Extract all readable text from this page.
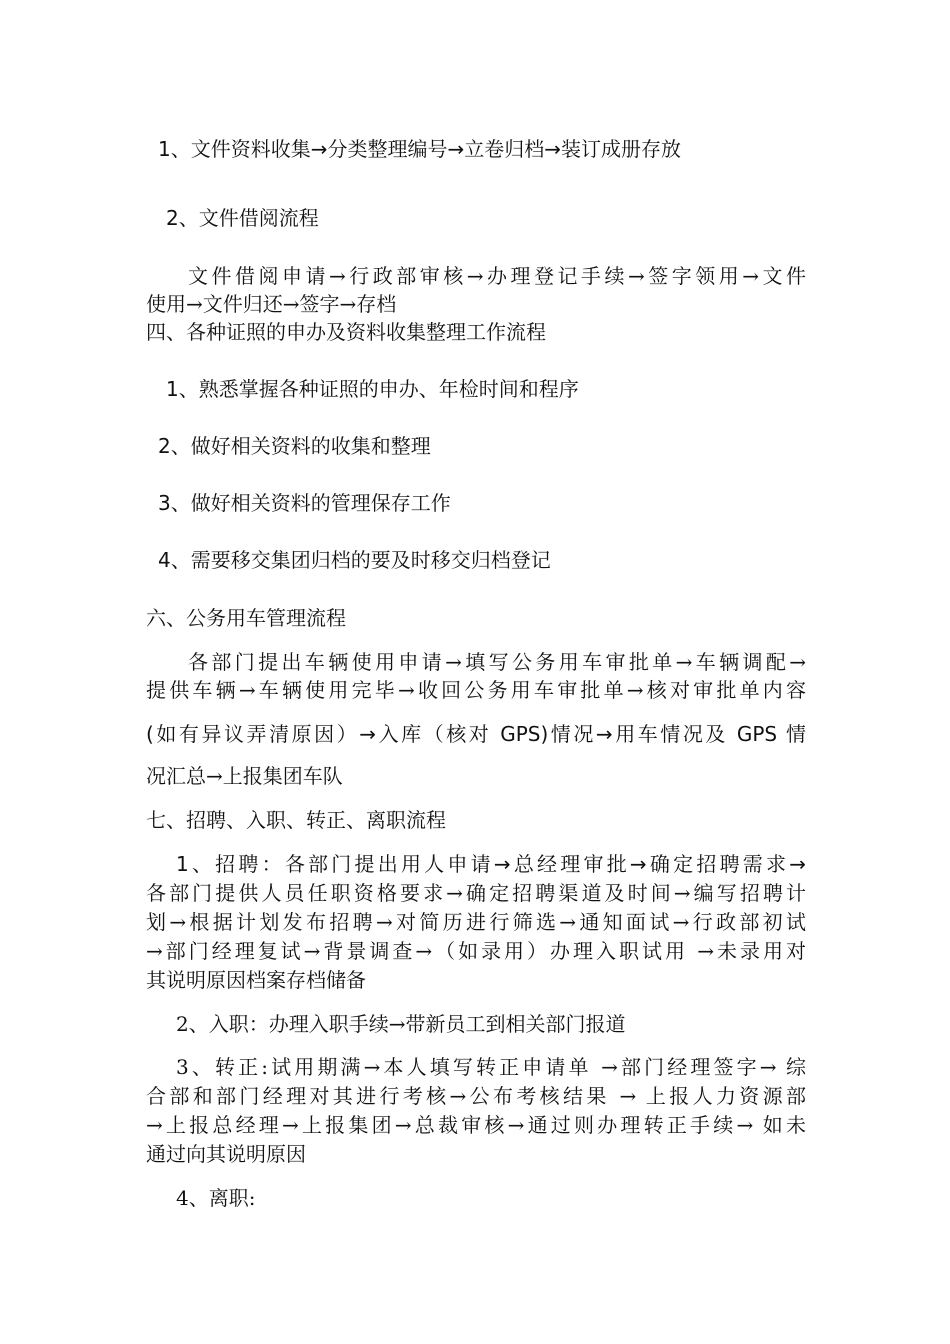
1、文件资料收集→分类整理编号→立卷归档→装订成册存放

2、文件借阅流程

文件借阅申请→行政部审核→办理登记手续→签字领用→文件

使用→文件归还→签字→存档

四、各种证照的申办及资料收集整理工作流程

1、熟悉掌握各种证照的申办、年检时间和程序

2、做好相关资料的收集和整理

3、做好相关资料的管理保存工作

4、需要移交集团归档的要及时移交归档登记

六、公务用车管理流程

各部门提出车辆使用申请→填写公务用车审批单→车辆调配→

提供车辆→车辆使用完毕→收回公务用车审批单→核对审批单内容

(如有异议弄清原因）→入库（核对 GPS)情况→用车情况及 GPS 情

况汇总→上报集团车队

七、招聘、入职、转正、离职流程

1、招聘：各部门提出用人申请→总经理审批→确定招聘需求→

各部门提供人员任职资格要求→确定招聘渠道及时间→编写招聘计

划→根据计划发布招聘→对简历进行筛选→通知面试→行政部初试

→部门经理复试→背景调查→（如录用）办理入职试用 →未录用对

其说明原因档案存档储备

2、入职：办理入职手续→带新员工到相关部门报道

3、转正:试用期满→本人填写转正申请单 →部门经理签字→ 综

合部和部门经理对其进行考核→公布考核结果 → 上报人力资源部

→上报总经理→上报集团→总裁审核→通过则办理转正手续→ 如未

通过向其说明原因

4、离职:
